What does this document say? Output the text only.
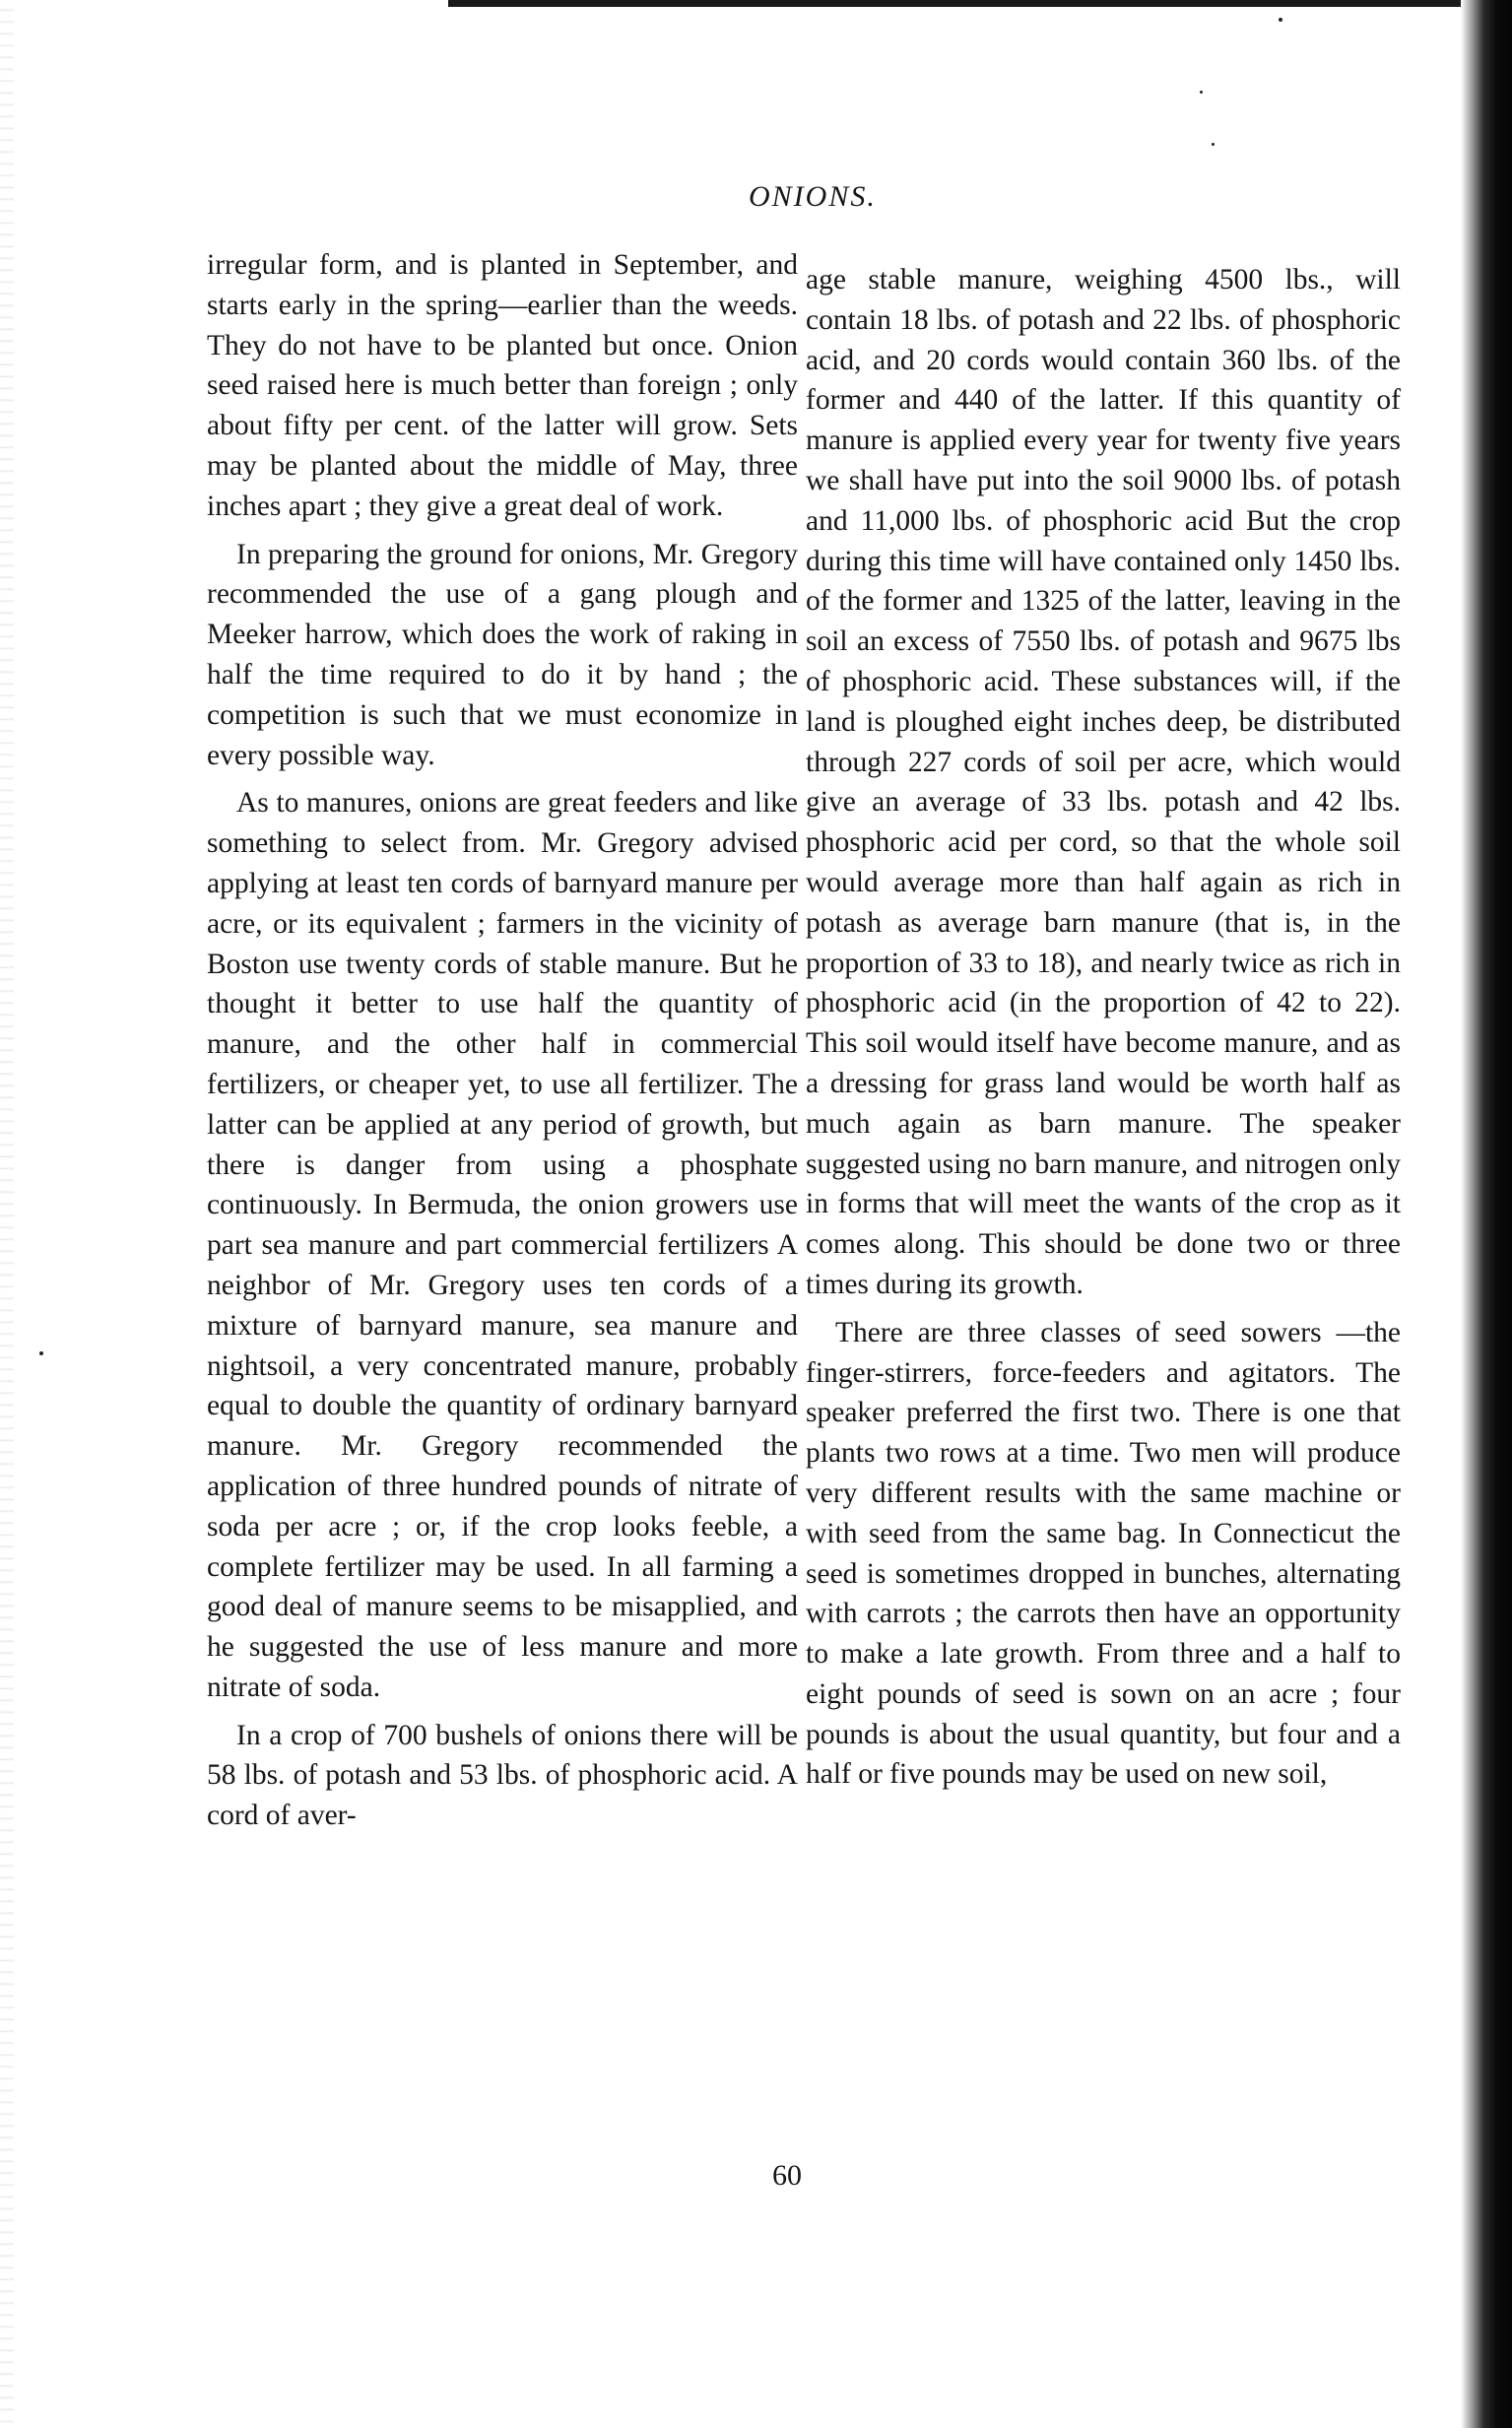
ONIONS.

irregular form, and is planted in September, and starts early in the spring—earlier than the weeds. They do not have to be planted but once. Onion seed raised here is much better than foreign ; only about fifty per cent. of the latter will grow. Sets may be planted about the middle of May, three inches apart ; they give a great deal of work.

In preparing the ground for onions, Mr. Gregory recommended the use of a gang plough and Meeker harrow, which does the work of raking in half the time required to do it by hand ; the competition is such that we must economize in every possible way.

As to manures, onions are great feeders and like something to select from. Mr. Gregory advised applying at least ten cords of barnyard manure per acre, or its equivalent ; farmers in the vicinity of Boston use twenty cords of stable manure. But he thought it better to use half the quantity of manure, and the other half in commercial fertilizers, or cheaper yet, to use all fertilizer. The latter can be applied at any period of growth, but there is danger from using a phosphate continuously. In Bermuda, the onion growers use part sea manure and part commercial fertilizers A neighbor of Mr. Gregory uses ten cords of a mixture of barnyard manure, sea manure and nightsoil, a very concentrated manure, probably equal to double the quantity of ordinary barnyard manure. Mr. Gregory recommended the application of three hundred pounds of nitrate of soda per acre ; or, if the crop looks feeble, a complete fertilizer may be used. In all farming a good deal of manure seems to be misapplied, and he suggested the use of less manure and more nitrate of soda.

In a crop of 700 bushels of onions there will be 58 lbs. of potash and 53 lbs. of phosphoric acid. A cord of aver-

age stable manure, weighing 4500 lbs., will contain 18 lbs. of potash and 22 lbs. of phosphoric acid, and 20 cords would contain 360 lbs. of the former and 440 of the latter. If this quantity of manure is applied every year for twenty five years we shall have put into the soil 9000 lbs. of potash and 11,000 lbs. of phosphoric acid But the crop during this time will have contained only 1450 lbs. of the former and 1325 of the latter, leaving in the soil an excess of 7550 lbs. of potash and 9675 lbs of phosphoric acid. These substances will, if the land is ploughed eight inches deep, be distributed through 227 cords of soil per acre, which would give an average of 33 lbs. potash and 42 lbs. phosphoric acid per cord, so that the whole soil would average more than half again as rich in potash as average barn manure (that is, in the proportion of 33 to 18), and nearly twice as rich in phosphoric acid (in the proportion of 42 to 22). This soil would itself have become manure, and as a dressing for grass land would be worth half as much again as barn manure. The speaker suggested using no barn manure, and nitrogen only in forms that will meet the wants of the crop as it comes along. This should be done two or three times during its growth.

There are three classes of seed sowers —the finger-stirrers, force-feeders and agitators. The speaker preferred the first two. There is one that plants two rows at a time. Two men will produce very different results with the same machine or with seed from the same bag. In Connecticut the seed is sometimes dropped in bunches, alternating with carrots ; the carrots then have an opportunity to make a late growth. From three and a half to eight pounds of seed is sown on an acre ; four pounds is about the usual quantity, but four and a half or five pounds may be used on new soil,

60
